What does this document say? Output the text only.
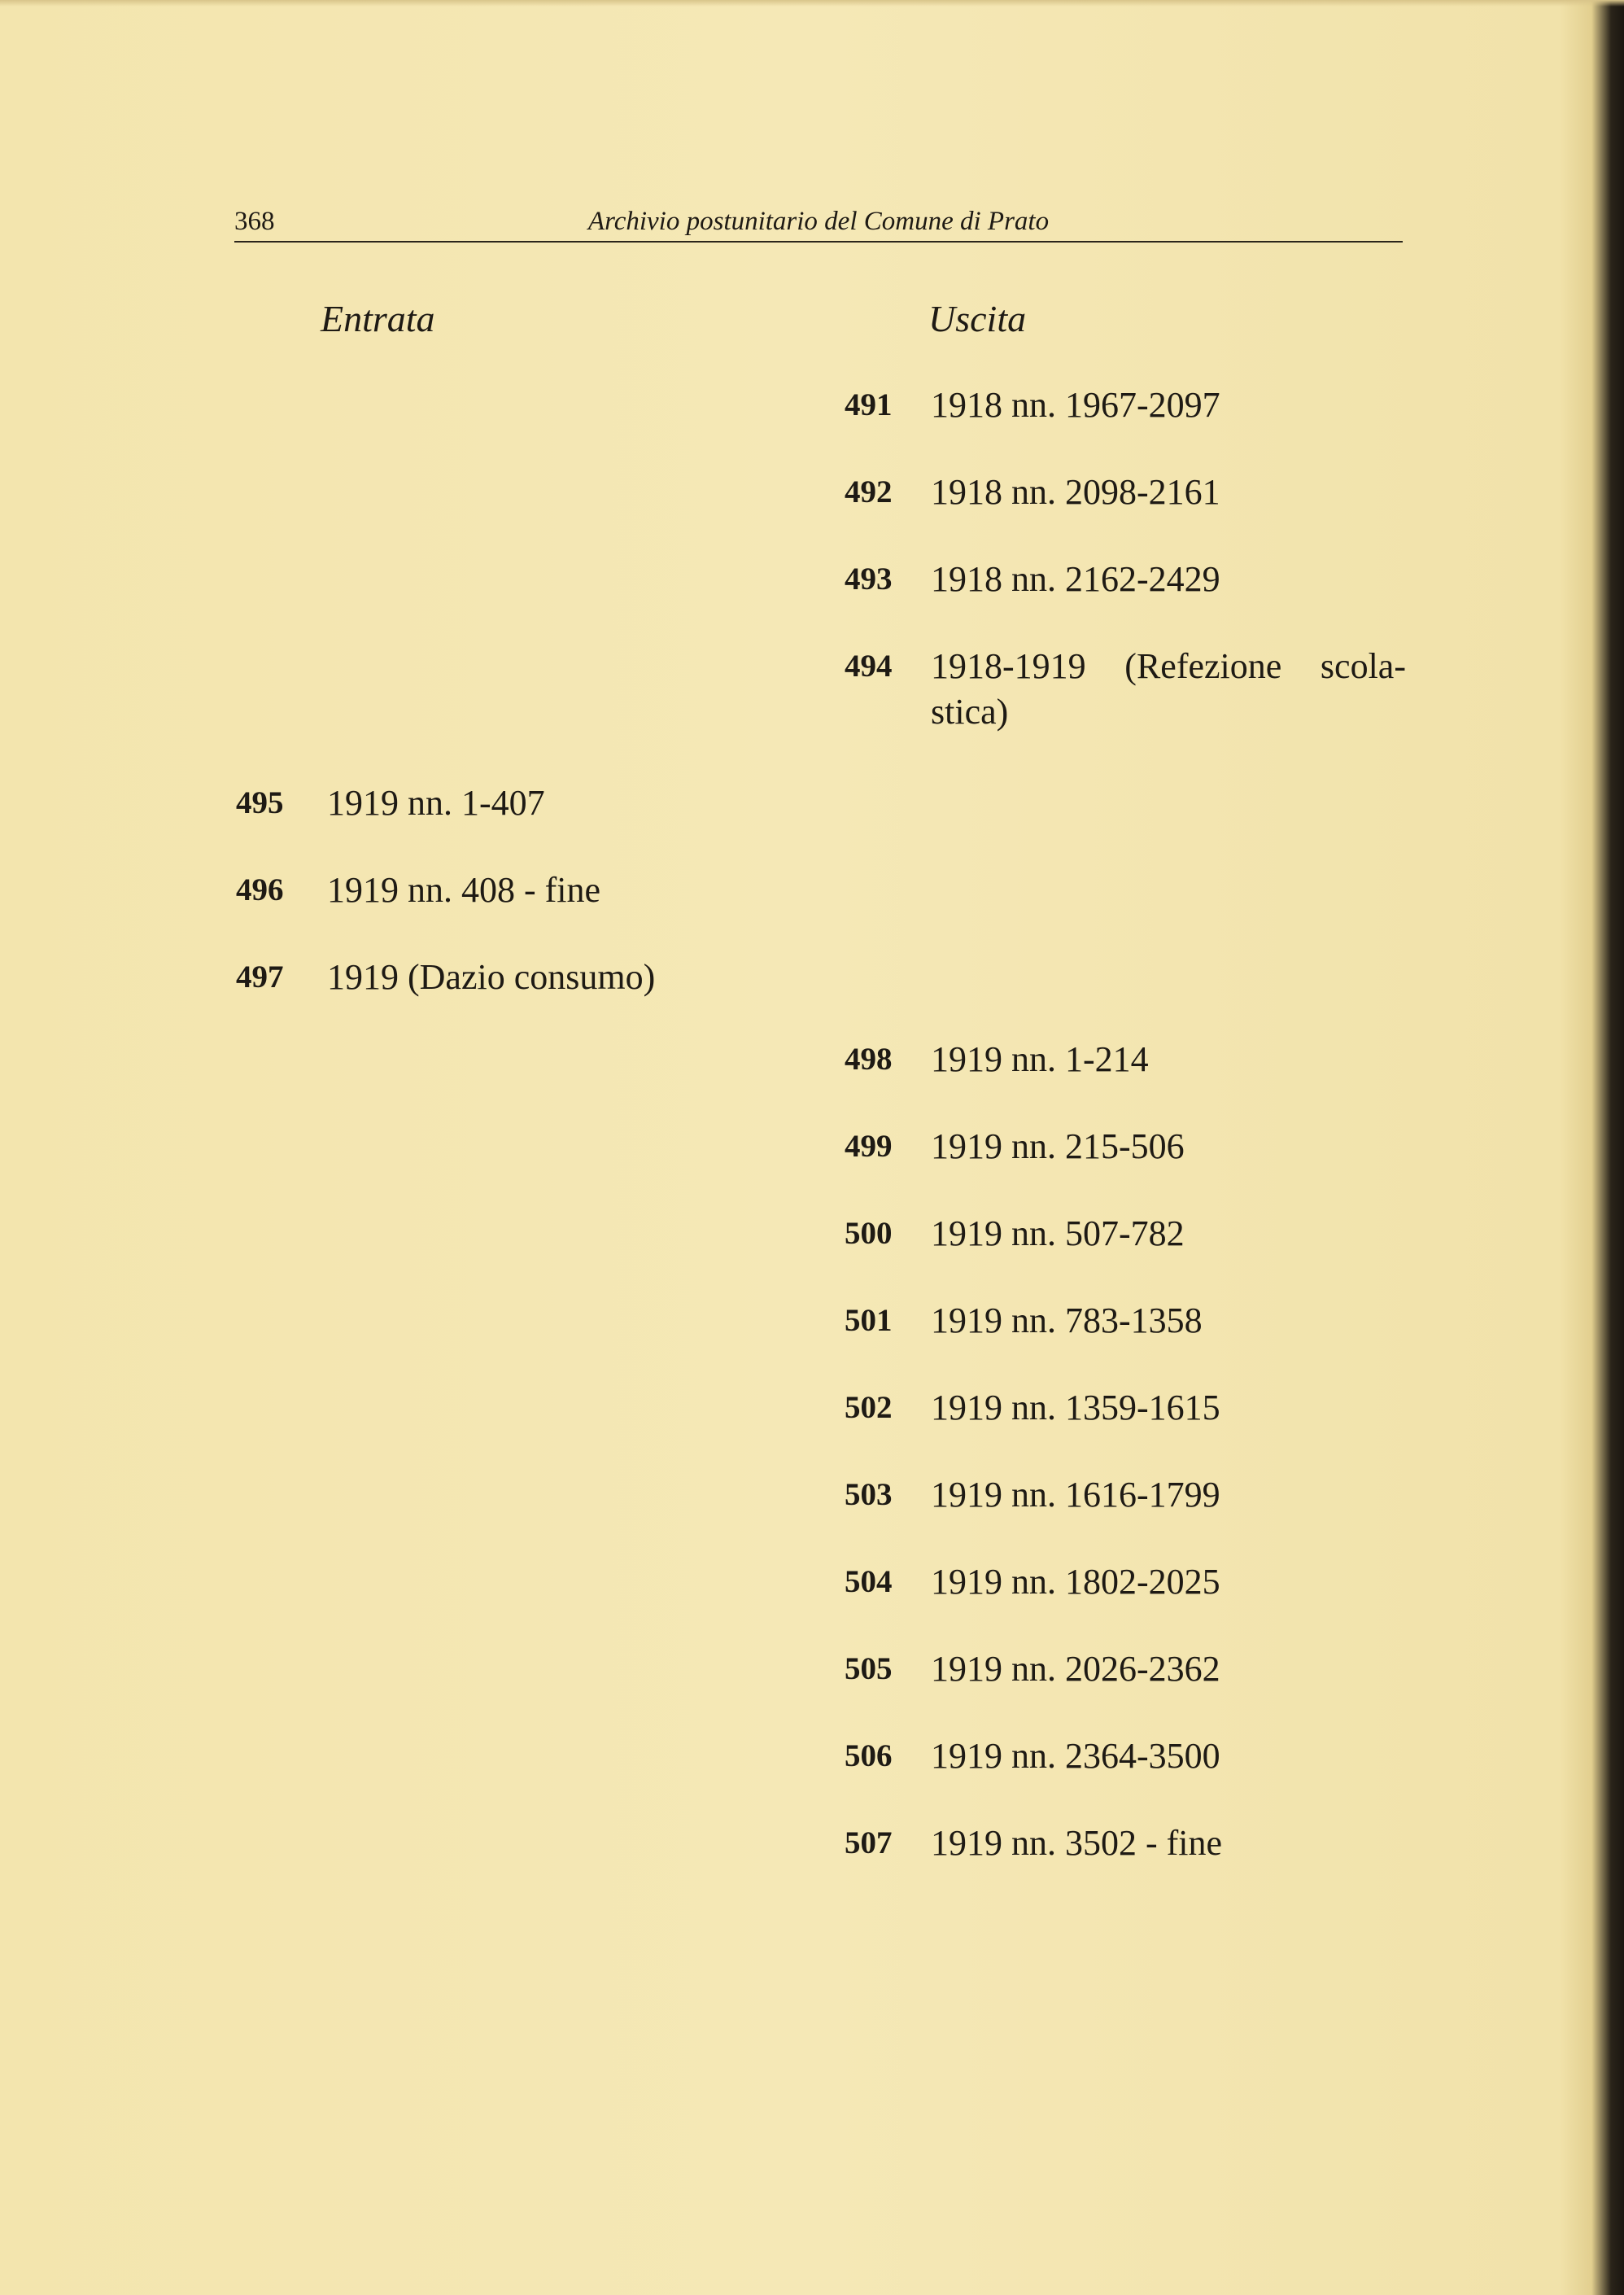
368	Archivio postunitario del Comune di Prato
Entrata	Uscita
495 1919 nn. 1-407
496 1919 nn. 408 - fine
497 1919 (Dazio consumo)
491 1918 nn. 1967-2097
492 1918 nn. 2098-2161
493 1918 nn. 2162-2429
494 1918-1919 (Refezione scola- stica)
498 1919 nn. 1-214
499 1919 nn. 215-506
500 1919 nn. 507-782
501 1919 nn. 783-1358
502 1919 nn. 1359-1615
503 1919 nn. 1616-1799
504 1919 nn. 1802-2025
505 1919 nn. 2026-2362
506 1919 nn. 2364-3500
507 1919 nn. 3502 - fine
